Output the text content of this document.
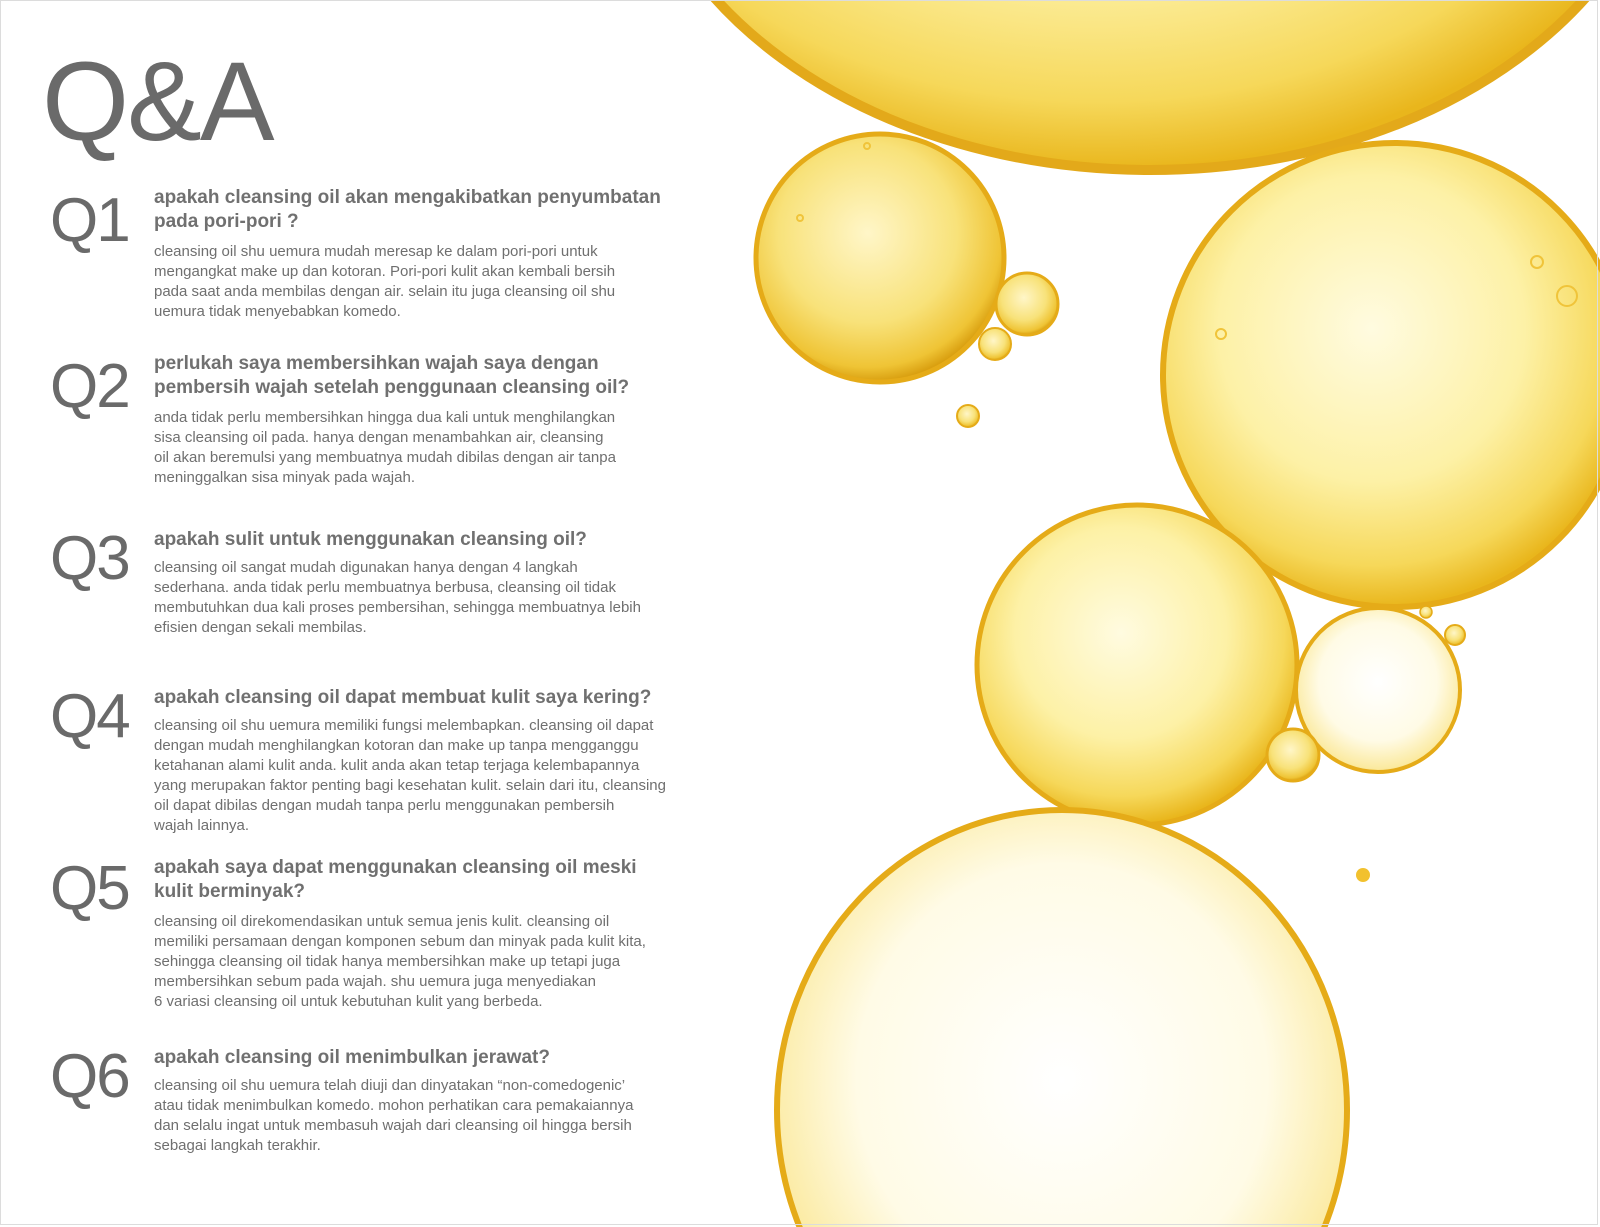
Q&A
Q1 apakah cleansing oil akan mengakibatkan penyumbatan
pada pori-pori ?

cleansing oil shu uemura mudah meresap ke dalam pori-pori untuk
mengangkat make up dan kotoran. Pori-pori kulit akan kembali bersih
pada saat anda membilas dengan air. selain itu juga cleansing oil shu
uemura tidak menyebabkan komedo.

Q2 perlukah saya membersihkan wajah saya dengan
pembersih wajah setelah penggunaan cleansing oil?

anda tidak perlu membersihkan hingga dua kali untuk menghilangkan
sisa cleansing oil pada. hanya dengan menambahkan air, cleansing
oil akan beremulsi yang membuatnya mudah dibilas dengan air tanpa
meninggalkan sisa minyak pada wajah.

Q3 apakah sulit untuk menggunakan cleansing oil?

cleansing oil sangat mudah digunakan hanya dengan 4 langkah
sederhana. anda tidak perlu membuatnya berbusa, cleansing oil tidak
membutuhkan dua kali proses pembersihan, sehingga membuatnya lebih
efisien dengan sekali membilas.

Q4 apakah cleansing oil dapat membuat kulit saya kering?

cleansing oil shu uemura memiliki fungsi melembapkan. cleansing oil dapat
dengan mudah menghilangkan kotoran dan make up tanpa mengganggu
ketahanan alami kulit anda. kulit anda akan tetap terjaga kelembapannya
yang merupakan faktor penting bagi kesehatan kulit. selain dari itu, cleansing
oil dapat dibilas dengan mudah tanpa perlu menggunakan pembersih
wajah lainnya.

Q5 apakah saya dapat menggunakan cleansing oil meski
kulit berminyak?

cleansing oil direkomendasikan untuk semua jenis kulit. cleansing oil
memiliki persamaan dengan komponen sebum dan minyak pada kulit kita,
sehingga cleansing oil tidak hanya membersihkan make up tetapi juga
membersihkan sebum pada wajah. shu uemura juga menyediakan
6 variasi cleansing oil untuk kebutuhan kulit yang berbeda.

Q6 apakah cleansing oil menimbulkan jerawat?

cleansing oil shu uemura telah diuji dan dinyatakan “non-comedogenic’
atau tidak menimbulkan komedo. mohon perhatikan cara pemakaiannya
dan selalu ingat untuk membasuh wajah dari cleansing oil hingga bersih
sebagai langkah terakhir.
